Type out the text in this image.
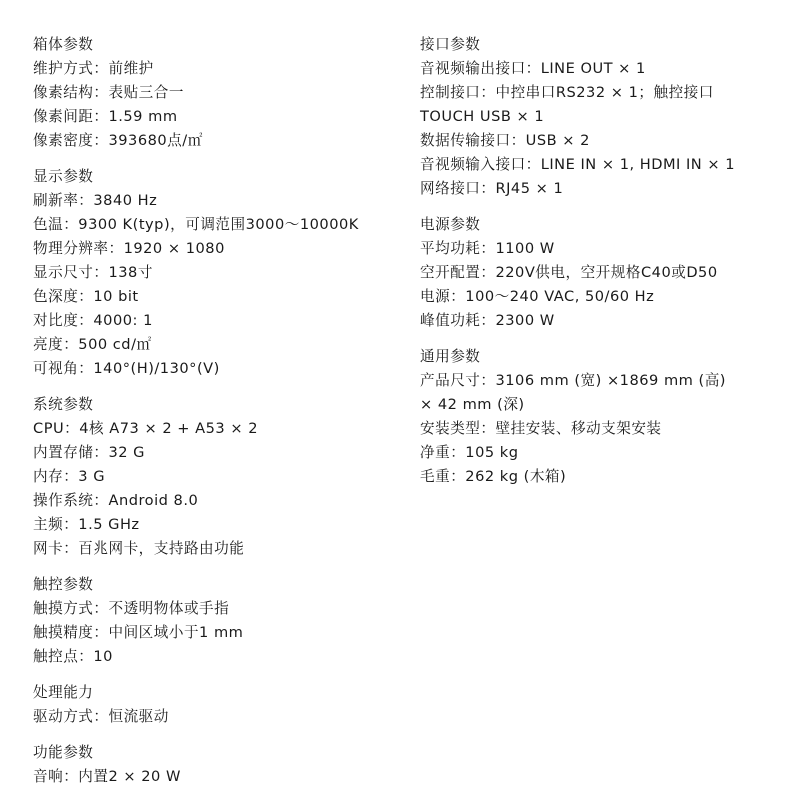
箱体参数
维护方式：前维护
像素结构：表贴三合一
像素间距：1.59 mm
像素密度：393680点/㎡
显示参数
刷新率：3840 Hz
色温：9300 K(typ)，可调范围3000～10000K
物理分辨率：1920 × 1080
显示尺寸：138寸
色深度：10 bit
对比度：4000: 1
亮度：500 cd/㎡
可视角：140°(H)/130°(V)
系统参数
CPU：4核 A73 × 2 + A53 × 2
内置存储：32 G
内存：3 G
操作系统：Android 8.0
主频：1.5 GHz
网卡：百兆网卡，支持路由功能
触控参数
触摸方式：不透明物体或手指
触摸精度：中间区域小于1 mm
触控点：10
处理能力
驱动方式：恒流驱动
功能参数
音响：内置2 × 20 W
接口参数
音视频输出接口：LINE OUT × 1
控制接口：中控串口RS232 × 1；触控接口
TOUCH USB × 1
数据传输接口：USB × 2
音视频输入接口：LINE IN × 1, HDMI IN × 1
网络接口：RJ45 × 1
电源参数
平均功耗：1100 W
空开配置：220V供电，空开规格C40或D50
电源：100～240 VAC, 50/60 Hz
峰值功耗：2300 W
通用参数
产品尺寸：3106 mm (宽) ×1869 mm (高)
× 42 mm (深)
安装类型：壁挂安装、移动支架安装
净重：105 kg
毛重：262 kg (木箱)
